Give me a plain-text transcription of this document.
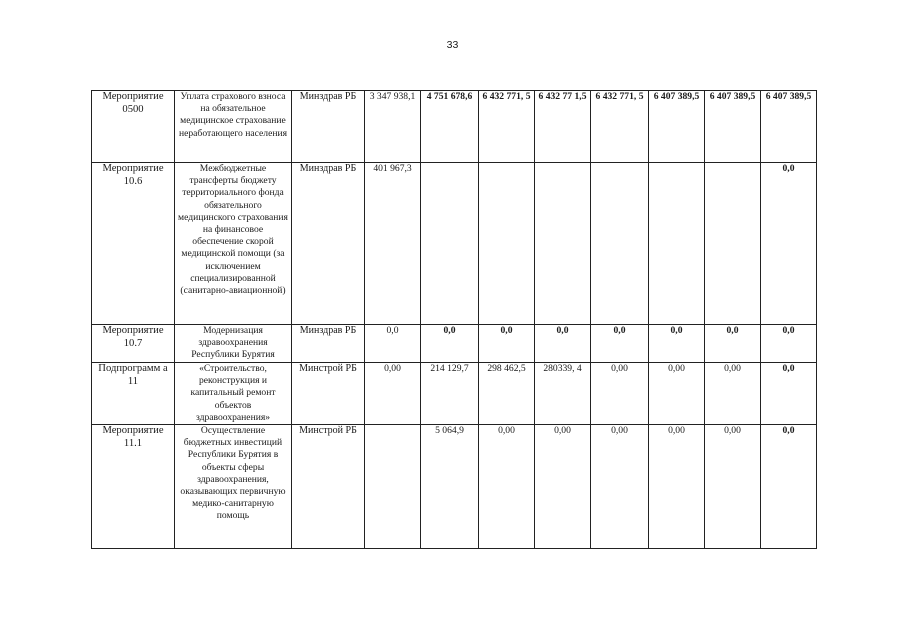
33
Мероприятие 0500	Уплата страхового взноса на обязательное медицинское страхование неработающего населения	Минздрав РБ	3 347 938,1	4 751 678,6	6 432 771, 5	6 432 77 1,5	6 432 771, 5	6 407 389,5	6 407 389,5	6 407 389,5
Мероприятие 10.6	Межбюджетные трансферты бюджету территориального фонда обязательного медицинского страхования на финансовое обеспечение скорой медицинской помощи (за исключением специализированной (санитарно-авиационной)	Минздрав РБ	401 967,3							0,0
Мероприятие 10.7	Модернизация здравоохранения Республики Бурятия	Минздрав РБ	0,0	0,0	0,0	0,0	0,0	0,0	0,0	0,0
Подпрограмм а 11	«Строительство, реконструкция и капитальный ремонт объектов здравоохранения»	Минстрой РБ	0,00	214 129,7	298 462,5	280339, 4	0,00	0,00	0,00	0,0
Мероприятие 11.1	Осуществление бюджетных инвестиций Республики Бурятия в объекты сферы здравоохранения, оказывающих первичную медико-санитарную помощь	Минстрой РБ		5 064,9	0,00	0,00	0,00	0,00	0,00	0,0
